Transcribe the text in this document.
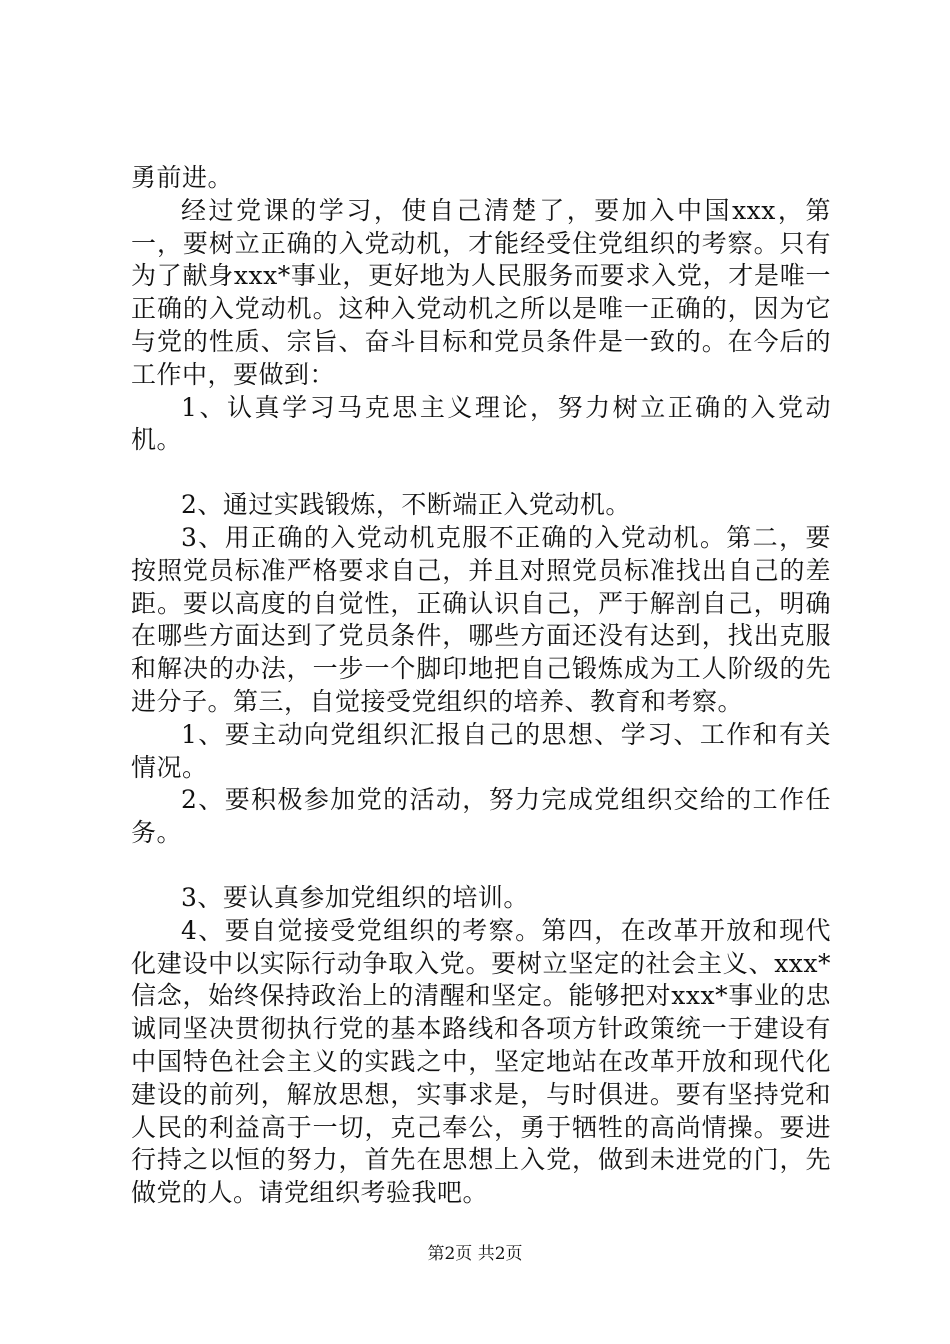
勇前进。

经过党课的学习，使自己清楚了，要加入中国xxx，第一，要树立正确的入党动机，才能经受住党组织的考察。只有为了献身xxx*事业，更好地为人民服务而要求入党，才是唯一正确的入党动机。这种入党动机之所以是唯一正确的，因为它与党的性质、宗旨、奋斗目标和党员条件是一致的。在今后的工作中，要做到：

1、认真学习马克思主义理论，努力树立正确的入党动机。

2、通过实践锻炼，不断端正入党动机。

3、用正确的入党动机克服不正确的入党动机。第二，要按照党员标准严格要求自己，并且对照党员标准找出自己的差距。要以高度的自觉性，正确认识自己，严于解剖自己，明确在哪些方面达到了党员条件，哪些方面还没有达到，找出克服和解决的办法，一步一个脚印地把自己锻炼成为工人阶级的先进分子。第三，自觉接受党组织的培养、教育和考察。

1、要主动向党组织汇报自己的思想、学习、工作和有关情况。

2、要积极参加党的活动，努力完成党组织交给的工作任务。

3、要认真参加党组织的培训。

4、要自觉接受党组织的考察。第四，在改革开放和现代化建设中以实际行动争取入党。要树立坚定的社会主义、xxx*信念，始终保持政治上的清醒和坚定。能够把对xxx*事业的忠诚同坚决贯彻执行党的基本路线和各项方针政策统一于建设有中国特色社会主义的实践之中，坚定地站在改革开放和现代化建设的前列，解放思想，实事求是，与时俱进。要有坚持党和人民的利益高于一切，克己奉公，勇于牺牲的高尚情操。要进行持之以恒的努力，首先在思想上入党，做到未进党的门，先做党的人。请党组织考验我吧。

第2页 共2页
